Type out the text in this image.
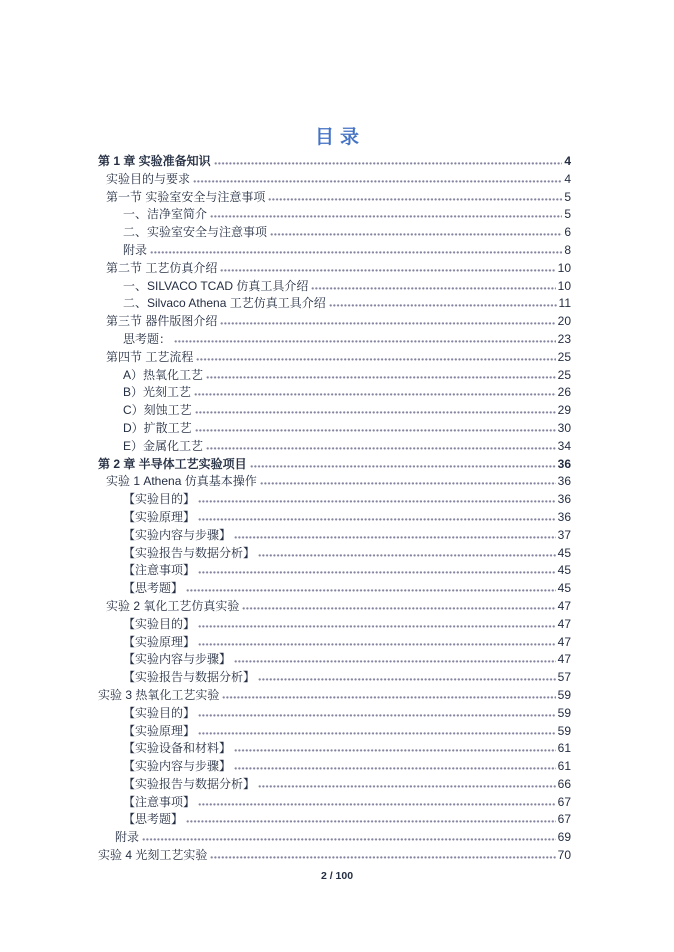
目录
第 1 章 实验准备知识	4
实验目的与要求	4
第一节 实验室安全与注意事项	5
一、洁净室简介	5
二、实验室安全与注意事项	6
附录	8
第二节 工艺仿真介绍	10
一、SILVACO TCAD 仿真工具介绍	10
二、Silvaco Athena 工艺仿真工具介绍	11
第三节 器件版图介绍	20
思考题：	23
第四节 工艺流程	25
A）热氧化工艺	25
B）光刻工艺	26
C）刻蚀工艺	29
D）扩散工艺	30
E）金属化工艺	34
第 2 章 半导体工艺实验项目	36
实验 1 Athena 仿真基本操作	36
【实验目的】	36
【实验原理】	36
【实验内容与步骤】	37
【实验报告与数据分析】	45
【注意事项】	45
【思考题】	45
实验 2 氧化工艺仿真实验	47
【实验目的】	47
【实验原理】	47
【实验内容与步骤】	47
【实验报告与数据分析】	57
实验 3 热氧化工艺实验	59
【实验目的】	59
【实验原理】	59
【实验设备和材料】	61
【实验内容与步骤】	61
【实验报告与数据分析】	66
【注意事项】	67
【思考题】	67
附录	69
实验 4 光刻工艺实验	70
2 / 100
